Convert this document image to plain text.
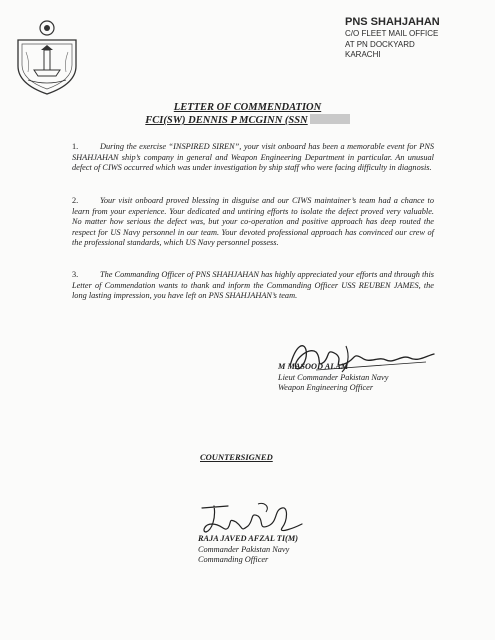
PNS SHAHJAHAN
C/O FLEET MAIL OFFICE
AT PN DOCKYARD
KARACHI
LETTER OF COMMENDATION
FCI(SW) DENNIS P MCGINN (SSN

1.	During the exercise “INSPIRED SIREN”, your visit onboard has been a memorable event for PNS SHAHJAHAN ship’s company in general and Weapon Engineering Department in particular. An unusual defect of CIWS occurred which was under investigation by ship staff who were facing difficulty in diagnosis.

2.	Your visit onboard proved blessing in disguise and our CIWS maintainer’s team had a chance to learn from your experience. Your dedicated and untiring efforts to isolate the defect proved very valuable. No matter how serious the defect was, but your co-operation and positive approach has deep routed the respect for US Navy personnel in our team. Your devoted professional approach has convinced our crew of the professional standards, which US Navy personnel possess.

3.	The Commanding Officer of PNS SHAHJAHAN has highly appreciated your efforts and through this Letter of Commendation wants to thank and inform the Commanding Officer USS REUBEN JAMES, the long lasting impression, you have left on PNS SHAHJAHAN’s team.

M MASOOD ALAM
Lieut Commander Pakistan Navy
Weapon Engineering Officer
COUNTERSIGNED
RAJA JAVED AFZAL TI(M)
Commander Pakistan Navy
Commanding Officer
